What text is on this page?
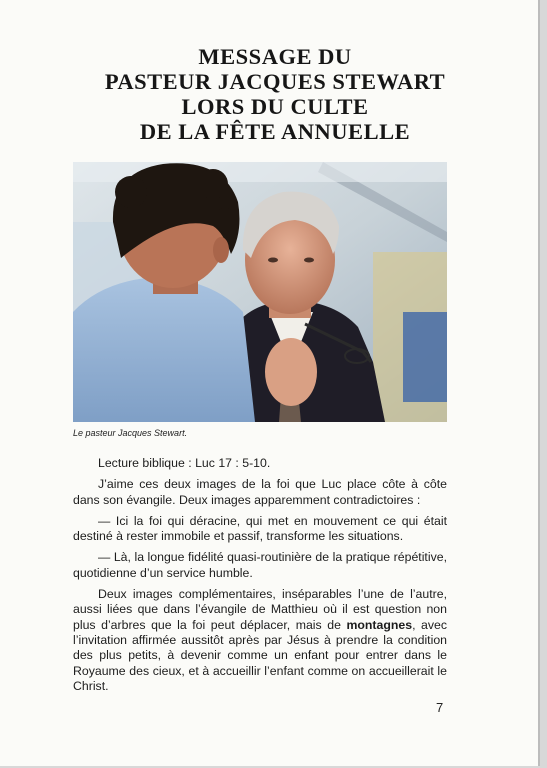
MESSAGE DU
PASTEUR JACQUES STEWART
LORS DU CULTE
DE LA FÊTE ANNUELLE
Le pasteur Jacques Stewart.

Lecture biblique : Luc 17 : 5-10.

J’aime ces deux images de la foi que Luc place côte à côte dans son évangile. Deux images apparemment contradictoires :

— Ici la foi qui déracine, qui met en mouvement ce qui était destiné à rester immobile et passif, transforme les situations.

— Là, la longue fidélité quasi-routinière de la pratique répétitive, quotidienne d’un service humble.

Deux images complémentaires, inséparables l’une de l’autre, aussi liées que dans l’évangile de Matthieu où il est question non plus d’arbres que la foi peut déplacer, mais de montagnes, avec l’invitation affirmée aussitôt après par Jésus à prendre la condition des plus petits, à devenir comme un enfant pour entrer dans le Royaume des cieux, et à accueillir l’enfant comme on accueillerait le Christ.

7
